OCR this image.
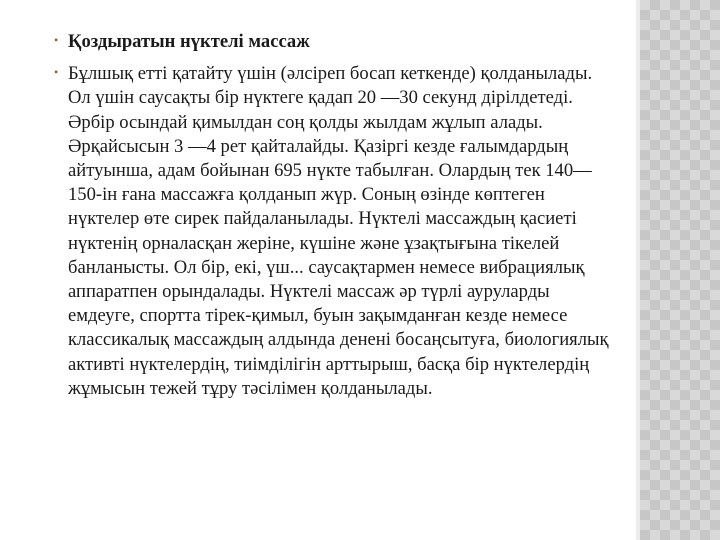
• Қоздыратын нүктелі массаж
• Бұлшық етті қатайту үшін (әлсіреп босап кеткенде) қолданылады. Ол үшін саусақты бір нүктеге қадап 20 —30 секунд дірілдетеді. Әрбір осындай қимылдан соң қолды жылдам жұлып алады. Әрқайсысын 3 —4 рет қайталайды. Қазіргі кезде ғалымдардың айтуынша, адам бойынан 695 нүкте табылған. Олардың тек 140— 150-ін ғана массажға қолданып жүр. Соның өзінде көптеген нүктелер өте сирек пайдаланылады. Нүктелі массаждың қасиеті нүктенің орналасқан жеріне, күшіне және ұзақтығына тікелей банланысты. Ол бір, екі, үш... саусақтармен немесе вибрациялық аппаратпен орындалады. Нүктелі массаж әр түрлі ауруларды емдеуге, спортта тірек-қимыл, буын зақымданған кезде немесе классикалық массаждың алдында денені босаңсытуға, биологиялық активті нүктелердің, тиімділігін арттырыш, басқа бір нүктелердің жұмысын тежей тұру тәсілімен қолданылады.
